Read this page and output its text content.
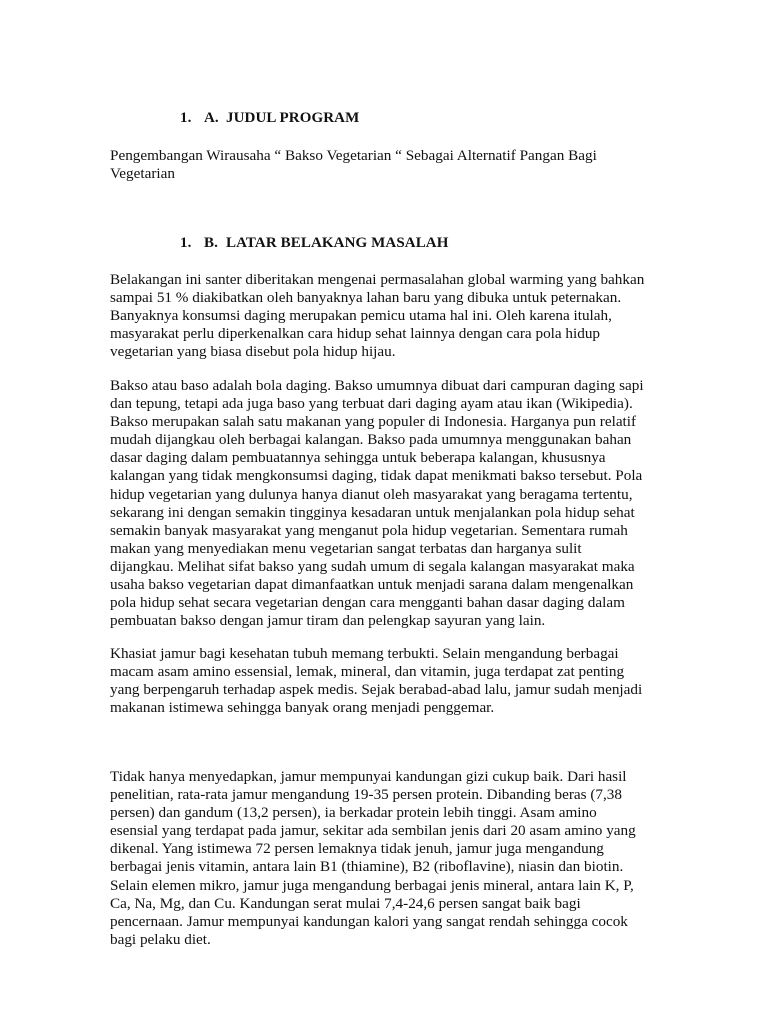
1. A. JUDUL PROGRAM
Pengembangan Wirausaha “ Bakso Vegetarian “ Sebagai Alternatif Pangan Bagi
Vegetarian
1. B. LATAR BELAKANG MASALAH
Belakangan ini santer diberitakan mengenai permasalahan global warming yang bahkan
sampai 51 % diakibatkan oleh banyaknya lahan baru yang dibuka untuk peternakan.
Banyaknya konsumsi daging merupakan pemicu utama hal ini. Oleh karena itulah,
masyarakat perlu diperkenalkan cara hidup sehat lainnya dengan cara pola hidup
vegetarian yang biasa disebut pola hidup hijau.
Bakso atau baso adalah bola daging. Bakso umumnya dibuat dari campuran daging sapi
dan tepung, tetapi ada juga baso yang terbuat dari daging ayam atau ikan (Wikipedia).
Bakso merupakan salah satu makanan yang populer di Indonesia. Harganya pun relatif
mudah dijangkau oleh berbagai kalangan. Bakso pada umumnya menggunakan bahan
dasar daging dalam pembuatannya sehingga untuk beberapa kalangan, khususnya
kalangan yang tidak mengkonsumsi daging, tidak dapat menikmati bakso tersebut. Pola
hidup vegetarian yang dulunya hanya dianut oleh masyarakat yang beragama tertentu,
sekarang ini dengan semakin tingginya kesadaran untuk menjalankan pola hidup sehat
semakin banyak masyarakat yang menganut pola hidup vegetarian. Sementara rumah
makan yang menyediakan menu vegetarian sangat terbatas dan harganya sulit
dijangkau. Melihat sifat bakso yang sudah umum di segala kalangan masyarakat maka
usaha bakso vegetarian dapat dimanfaatkan untuk menjadi sarana dalam mengenalkan
pola hidup sehat secara vegetarian dengan cara mengganti bahan dasar daging dalam
pembuatan bakso dengan jamur tiram dan pelengkap sayuran yang lain.
Khasiat jamur bagi kesehatan tubuh memang terbukti. Selain mengandung berbagai
macam asam amino essensial, lemak, mineral, dan vitamin, juga terdapat zat penting
yang berpengaruh terhadap aspek medis. Sejak berabad-abad lalu, jamur sudah menjadi
makanan istimewa sehingga banyak orang menjadi penggemar.
Tidak hanya menyedapkan, jamur mempunyai kandungan gizi cukup baik. Dari hasil
penelitian, rata-rata jamur mengandung 19-35 persen protein. Dibanding beras (7,38
persen) dan gandum (13,2 persen), ia berkadar protein lebih tinggi. Asam amino
esensial yang terdapat pada jamur, sekitar ada sembilan jenis dari 20 asam amino yang
dikenal. Yang istimewa 72 persen lemaknya tidak jenuh, jamur juga mengandung
berbagai jenis vitamin, antara lain B1 (thiamine), B2 (riboflavine), niasin dan biotin.
Selain elemen mikro, jamur juga mengandung berbagai jenis mineral, antara lain K, P,
Ca, Na, Mg, dan Cu. Kandungan serat mulai 7,4-24,6 persen sangat baik bagi
pencernaan. Jamur mempunyai kandungan kalori yang sangat rendah sehingga cocok
bagi pelaku diet.
